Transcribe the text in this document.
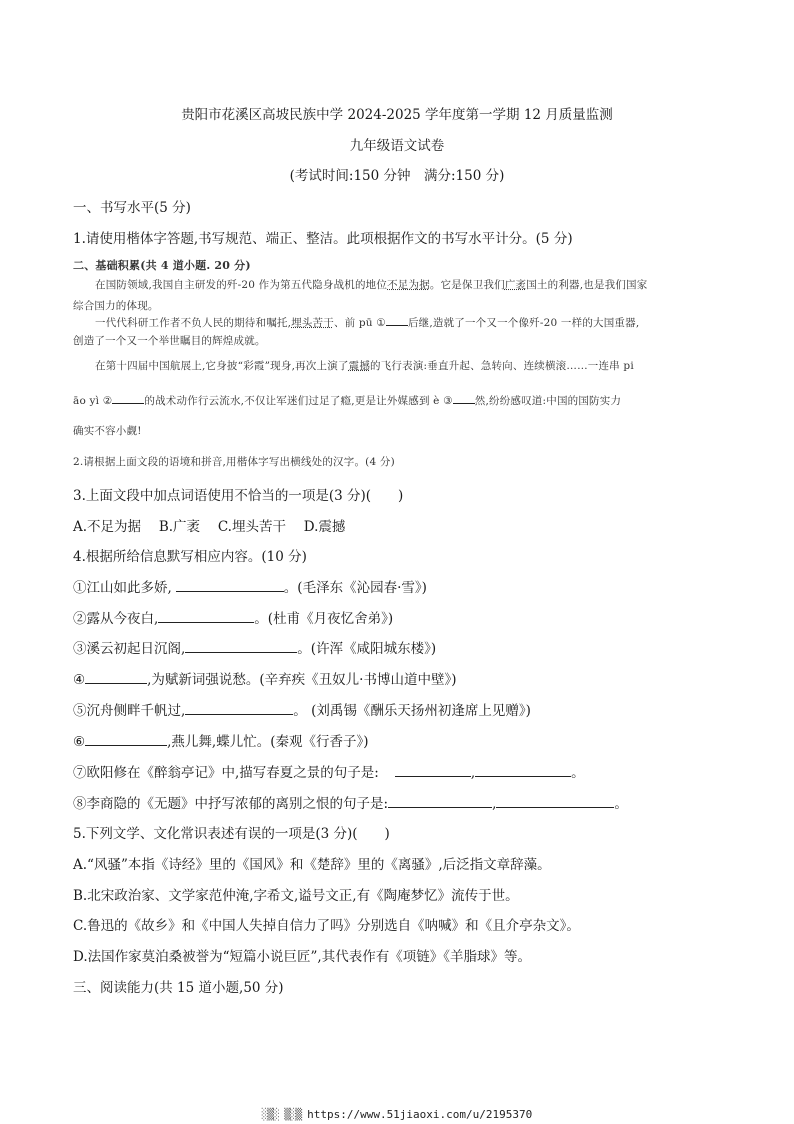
贵阳市花溪区高坡民族中学 2024-2025 学年度第一学期 12 月质量监测
九年级语文试卷
(考试时间:150 分钟　满分:150 分)
一、书写水平(5 分)
1.请使用楷体字答题,书写规范、端正、整洁。此项根据作文的书写水平计分。(5 分)
二、基础积累(共 4 道小题. 20 分)
在国防领域,我国自主研发的歼-20 作为第五代隐身战机的地位不足为据。它是保卫我们广袤国土的利器,也是我们国家
综合国力的体现。
一代代科研工作者不负人民的期待和嘱托,埋头苦干、前 pū ① 后继,造就了一个又一个像歼-20 一样的大国重器,
创造了一个又一个举世瞩目的辉煌成就。
在第十四届中国航展上,它身披“彩霞”现身,再次上演了震撼的飞行表演:垂直升起、急转向、连续横滚……一连串 pi
āo yì ②	的战术动作行云流水,不仅让军迷们过足了瘾,更是让外媒感到 è ③ 然,纷纷感叹道:中国的国防实力
确实不容小觑!
2.请根据上面文段的语境和拼音,用楷体字写出横线处的汉字。(4 分)
3.上面文段中加点词语使用不恰当的一项是(3 分)(　　)
A.不足为据　 B.广袤　 C.埋头苦干　 D.震撼
4.根据所给信息默写相应内容。(10 分)
①江山如此多娇,	。(毛泽东《沁园春·雪》)
②露从今夜白,	。(杜甫《月夜忆舍弟》)
③溪云初起日沉阁,	。(许浑《咸阳城东楼》)
④	,为赋新词强说愁。(辛弃疾《丑奴儿·书博山道中壁》)
⑤沉舟侧畔千帆过,	。 (刘禹锡《酬乐天扬州初逢席上见赠》)
⑥	,燕儿舞,蝶儿忙。(秦观《行香子》)
⑦欧阳修在《醉翁亭记》中,描写春夏之景的句子是:	,	。
⑧李商隐的《无题》中抒写浓郁的离别之恨的句子是:	,	。
5.下列文学、文化常识表述有误的一项是(3 分)(　　)
A.“风骚”本指《诗经》里的《国风》和《楚辞》里的《离骚》,后泛指文章辞藻。
B.北宋政治家、文学家范仲淹,字希文,谥号文正,有《陶庵梦忆》流传于世。
C.鲁迅的《故乡》和《中国人失掉自信力了吗》分别选自《呐喊》和《且介亭杂文》。
D.法国作家莫泊桑被誉为“短篇小说巨匠”,其代表作有《项链》《羊脂球》等。
三、阅读能力(共 15 道小题,50 分)
░▒░ ▒░▒ https://www.51jiaoxi.com/u/2195370
